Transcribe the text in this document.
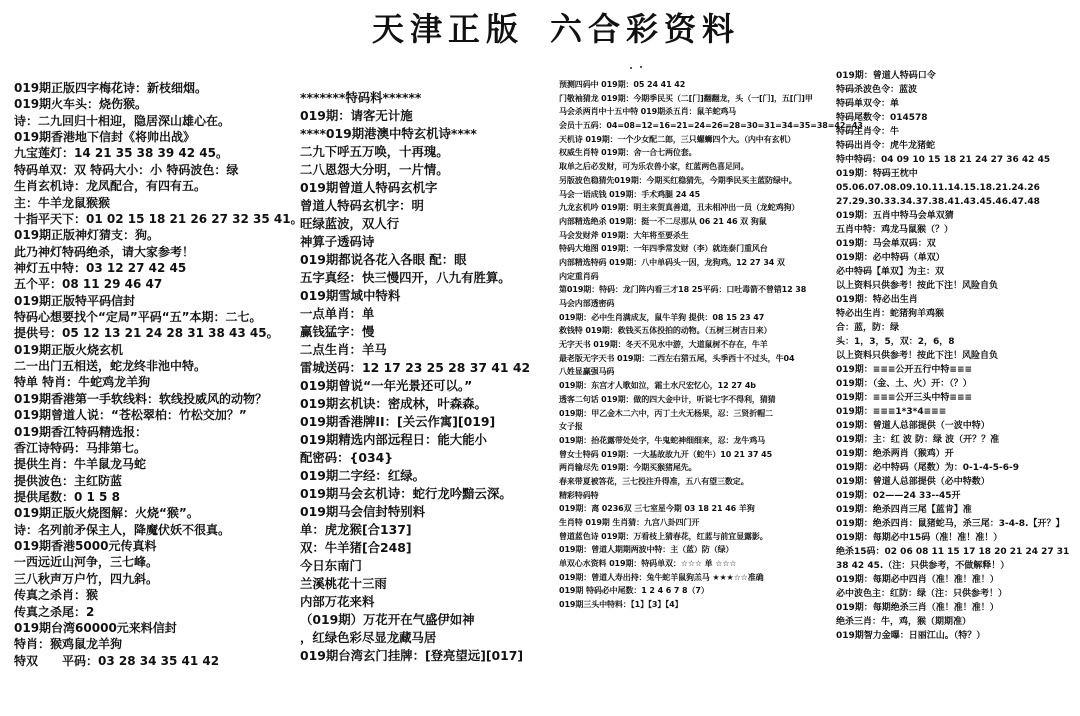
天津正版 六合彩资料
019期正版四字梅花诗：新枝细烟。
019期火车头：烧伤猴。
诗：二九回归十相迎，隐居深山雄心在。
019期香港地下信封《将帅出战》
九宝莲灯：14 21 35 38 39 42 45。
特码单双：双 特码大小：小 特码波色：绿
生肖玄机诗：龙凤配合，有四有五。
主：牛羊龙鼠猴猴
十指平天下：01 02 15 18 21 26 27 32 35 41。
019期正版神灯猜支：狗。
此乃神灯特码绝杀，请大家参考！
神灯五中特：03 12 27 42 45
五个平：08 11 29 46 47
019期正版特平码信封
特码心想要找个“定局”平码“五”本期：二七。
提供号：05 12 13 21 24 28 31 38 43 45。
019期正版火烧玄机
二一出门五相送，蛇龙终非池中特。
特单 特肖：牛蛇鸡龙羊狗
019期香港第一手软线料：软线投威风的动物？
019期曾道人说：“苍松翠柏：竹松交加？”
019期香江特码精选报：
香江诗特码：马排第七。
提供生肖：牛羊鼠龙马蛇
提供波色：主红防蓝
提供尾数：0 1 5 8
019期正版火烧图解：火烧“猴”。
诗：名列前矛保主人，降魔伏妖不很真。
019期香港5000元传真料
一西远近山河争，三七峰。
三八秋声万户竹，四九斜。
传真之杀肖：猴
传真之杀尾：2
019期台湾60000元来料信封
特肖：猴鸡鼠龙羊狗
特双　　平码：03 28 34 35 41 42
*******特码料******
019期：请客无计施
****019期港澳中特玄机诗****
二九下呼五万唤，十再瑰。
二八恩怨大分明，一片情。
019期曾道人特码玄机字
曾道人特码玄机字：明
旺绿蓝波，双人行
神算子透码诗
019期都说各花入各眼 配：眼
五字真经：快三慢四开，八九有胜算。
019期雪域中特料
一点单肖：单
赢钱猛字：慢
二点生肖：羊马
雷城送码：12 17 23 25 28 37 41 42
019期曾说“一年光景还可以。”
019期玄机诀：密成林，叶森森。
019期香港牌II：[关云作寓][019]
019期精选内部远程日：能大能小
配密码：{034}
019期二字经：红绿。
019期马会玄机诗：蛇行龙吟黯云深。
019期马会信封特别料
单：虎龙猴[合137]
双：牛羊猪[合248]
今日东南门
兰溪桃花十三雨
内部万花来料
（019期）万花开在气盛伊如神
，红绿色彩尽显龙藏马居
019期台湾玄门挂牌：[登亮望远][017]
预测四码中 019期：05 24 41 42
门敬袖猜龙 019期：今期季民买（二[门]翻翻龙，头（一[门]，五[门]甲
马会杀两肖中十五中特 019期杀五肖：鼠羊蛇鸡马
会员十五码：04=08=12=16=21=24=26=28=30=31=34=35=38=42=43
天机诗 019期：一个少女配二郎，三只螺蛳四个大。（内中有玄机）
权威生肖特 019期：舍一合七两位套。
取单之后必发财，可为乐农兽小家，红蓝两色喜足同。
另版波色稳猜先019期：今期买红稳猜先，今期季民买主蓝防绿中。
马会一语成钱 019期：手术鸡腿 24 45
九龙玄机吟 019期：明主来贺真善道，丑未相冲出一员（龙蛇鸡狗）
内部精选绝杀 019期：挺一不二尽那从 06 21 46 双 狗鼠
马会发财斧 019期：大年将至要杀生
特码大地图 019期：一年四季常发财（李）就连泰门重风台
内部精选特码 019期：八中单码头一因，龙狗鸡。12 27 34 双
内定重肖码
第019期：特码：龙门阵内看三才18 25平码：口吐毒箭不曾错12 38
马会内部透密码
019期：必中生肖满成友，鼠牛羊狗 提供：08 15 23 47
救钱特 019期：救钱买五体投拍的动物。（五树三树吉日来）
无字天书 019期：冬天不见水中游，大道鼠树不存在，牛羊
最老版无字天书 019期：二西左右猎五尾，头季西十不过头，牛04
八姓显赢强马码
019期：东宫才人歌如泣，霜土水尺宏忆心，12 27 4b
透客二句话 019期：做的四大金中计，听说七字不得利，猜猜
019期：甲乙金木二六中，丙丁土火无杨果，忍：三贤折帽二
女子报
019期：抬花露带处处字，牛鬼蛇神细细来，忍：龙牛鸡马
曾女士特码 019期：一大基故故九开（蛇牛）10 21 37 45
两肖输尽先 019期：今期买猴猪尾先。
春来带夏被答花，三七投注升得准，五八有望三数定。
精彩特码特
019期：离 0236双 三七室星今期 03 18 21 46 羊狗
生肖特 019期 生肖猜：九宫八卦四门开
曾道蓝色诗 019期：万看枝上猜春花，红蓝与前宜显露影。
019期：曾道人期期两波中特：主（蓝）防（绿）
单双心水资料 019期：特码单双：☆☆☆ 单 ☆☆☆
019期：曾道人寿出持：兔牛蛇羊鼠狗羔马 ★★★☆☆准确
019期 特码必中尾数：1 2 4 6 7 8（7）
019期三头中特料：【1】【3】【4】
019期：曾道人特码口令
特码杀波色令：蓝波
特码单双令：单
特码尾数令：014578
特码生肖令：牛
特码出肖令：虎牛龙猪蛇
特中特码：04 09 10 15 18 21 24 27 36 42 45
019期：特码王枕中
05.06.07.08.09.10.11.14.15.18.21.24.26
27.29.30.33.34.37.38.41.43.45.46.47.48
019期：五肖中特马会单双猜
五肖中特：鸡龙马鼠猴（？）
019期：马会单双码：双
019期：必中特码（单双）
必中特码【单双】为主：双
以上资料只供参考！按此下注！风险自负
019期：特必出生肖
特必出生肖：蛇猪狗羊鸡猴
合：蓝，防：绿
头：1，3，5，双：2，6，8
以上资料只供参考！按此下注！风险自负
019期：≡≡≡公开五行中特≡≡≡
019期：（金、土、火）开：（？）
019期：≡≡≡公开三头中特≡≡≡
019期：≡≡≡1*3*4≡≡≡
019期：曾道人总部提供（一波中特）
019期：主：红 波 防：绿 波（开？？准
019期：绝杀两肖（猴鸡）开
019期：必中特码（尾数）为：0-1-4-5-6-9
019期：曾道人总部提供（必中特数）
019期：02——24 33--45开
019期：绝杀四肖三尾【蓝肯】准
019期：绝杀四肖：鼠猪蛇马，杀三尾：3-4-8.【开？】
019期：每期必中15码（准！准！准！）
绝杀15码：02 06 08 11 15 17 18 20 21 24 27 31
38 42 45.（注：只供参考，不做解释！）
019期：每期必中四肖（准！准！准！）
必中波色主：红防：绿（注：只供参考！）
019期：每期绝杀三肖（准！准！准！）
绝杀三肖：牛，鸡，猴（期期准）
019期智力金曝：日丽江山。（特？）
